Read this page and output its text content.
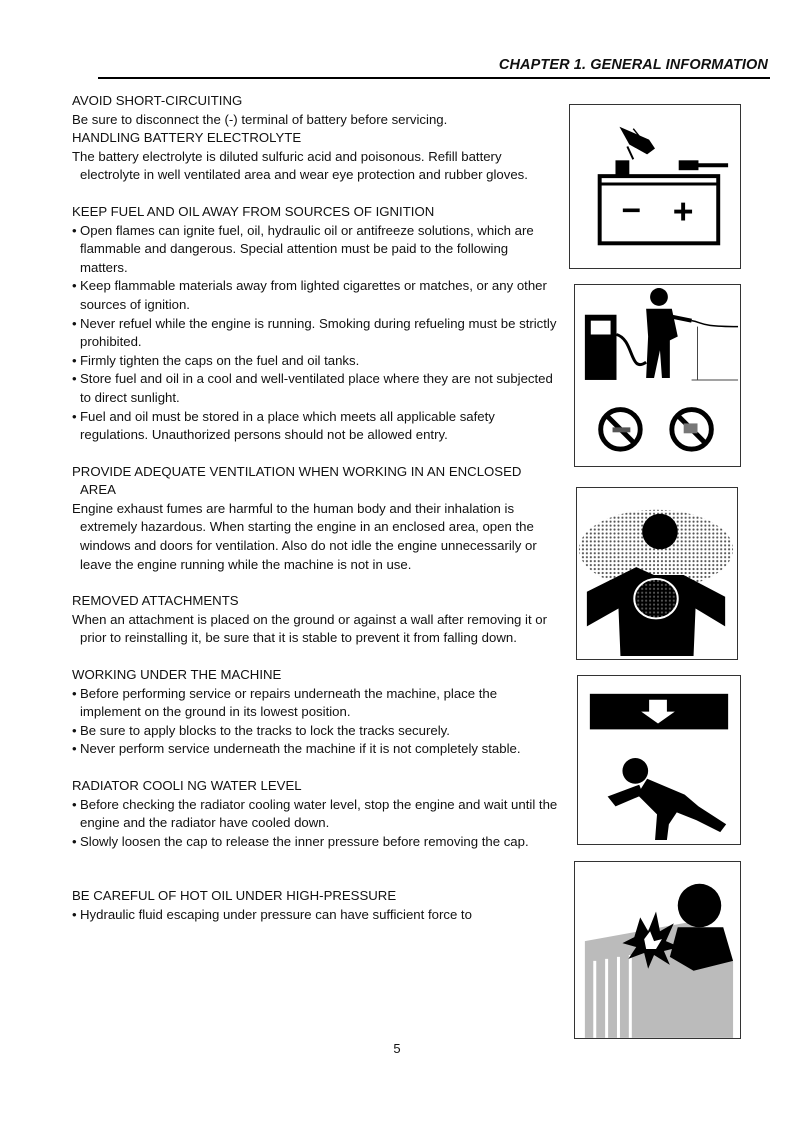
CHAPTER 1. GENERAL INFORMATION

AVOID SHORT-CIRCUITING

Be sure to disconnect the (-) terminal of battery before servicing.

HANDLING BATTERY ELECTROLYTE

The battery electrolyte is diluted sulfuric acid and poisonous. Refill battery electrolyte in well ventilated area and wear eye protection and rubber gloves.

KEEP FUEL AND OIL AWAY FROM SOURCES OF IGNITION

• Open flames can ignite fuel, oil, hydraulic oil or antifreeze solutions, which are flammable and dangerous. Special attention must be paid to the following matters.

• Keep flammable materials away from lighted cigarettes or matches, or any other sources of ignition.

• Never refuel while the engine is running. Smoking during refueling must be strictly prohibited.

• Firmly tighten the caps on the fuel and oil tanks.

• Store fuel and oil in a cool and well-ventilated place where they are not subjected to direct sunlight.

• Fuel and oil must be stored in a place which meets all applicable safety regulations. Unauthorized persons should not be allowed entry.

PROVIDE ADEQUATE VENTILATION WHEN WORKING IN AN ENCLOSED AREA

Engine exhaust fumes are harmful to the human body and their inhalation is extremely hazardous. When starting the engine in an enclosed area, open the windows and doors for ventilation. Also do not idle the engine unnecessarily or leave the engine running while the machine is not in use.

REMOVED ATTACHMENTS

When an attachment is placed on the ground or against a wall after removing it or prior to reinstalling it, be sure that it is stable to prevent it from falling down.

WORKING UNDER THE MACHINE

• Before performing service or repairs underneath the machine, place the implement on the ground in its lowest position.

• Be sure to apply blocks to the tracks to lock the tracks securely.

• Never perform service underneath the machine if it is not completely stable.

RADIATOR COOLI NG WATER LEVEL

• Before checking the radiator cooling water level, stop the engine and wait until the engine and the radiator have cooled down.

• Slowly loosen the cap to release the inner pressure before removing the cap.

BE CAREFUL OF HOT OIL UNDER HIGH-PRESSURE

• Hydraulic fluid escaping under pressure can have sufficient force to

− +
5
